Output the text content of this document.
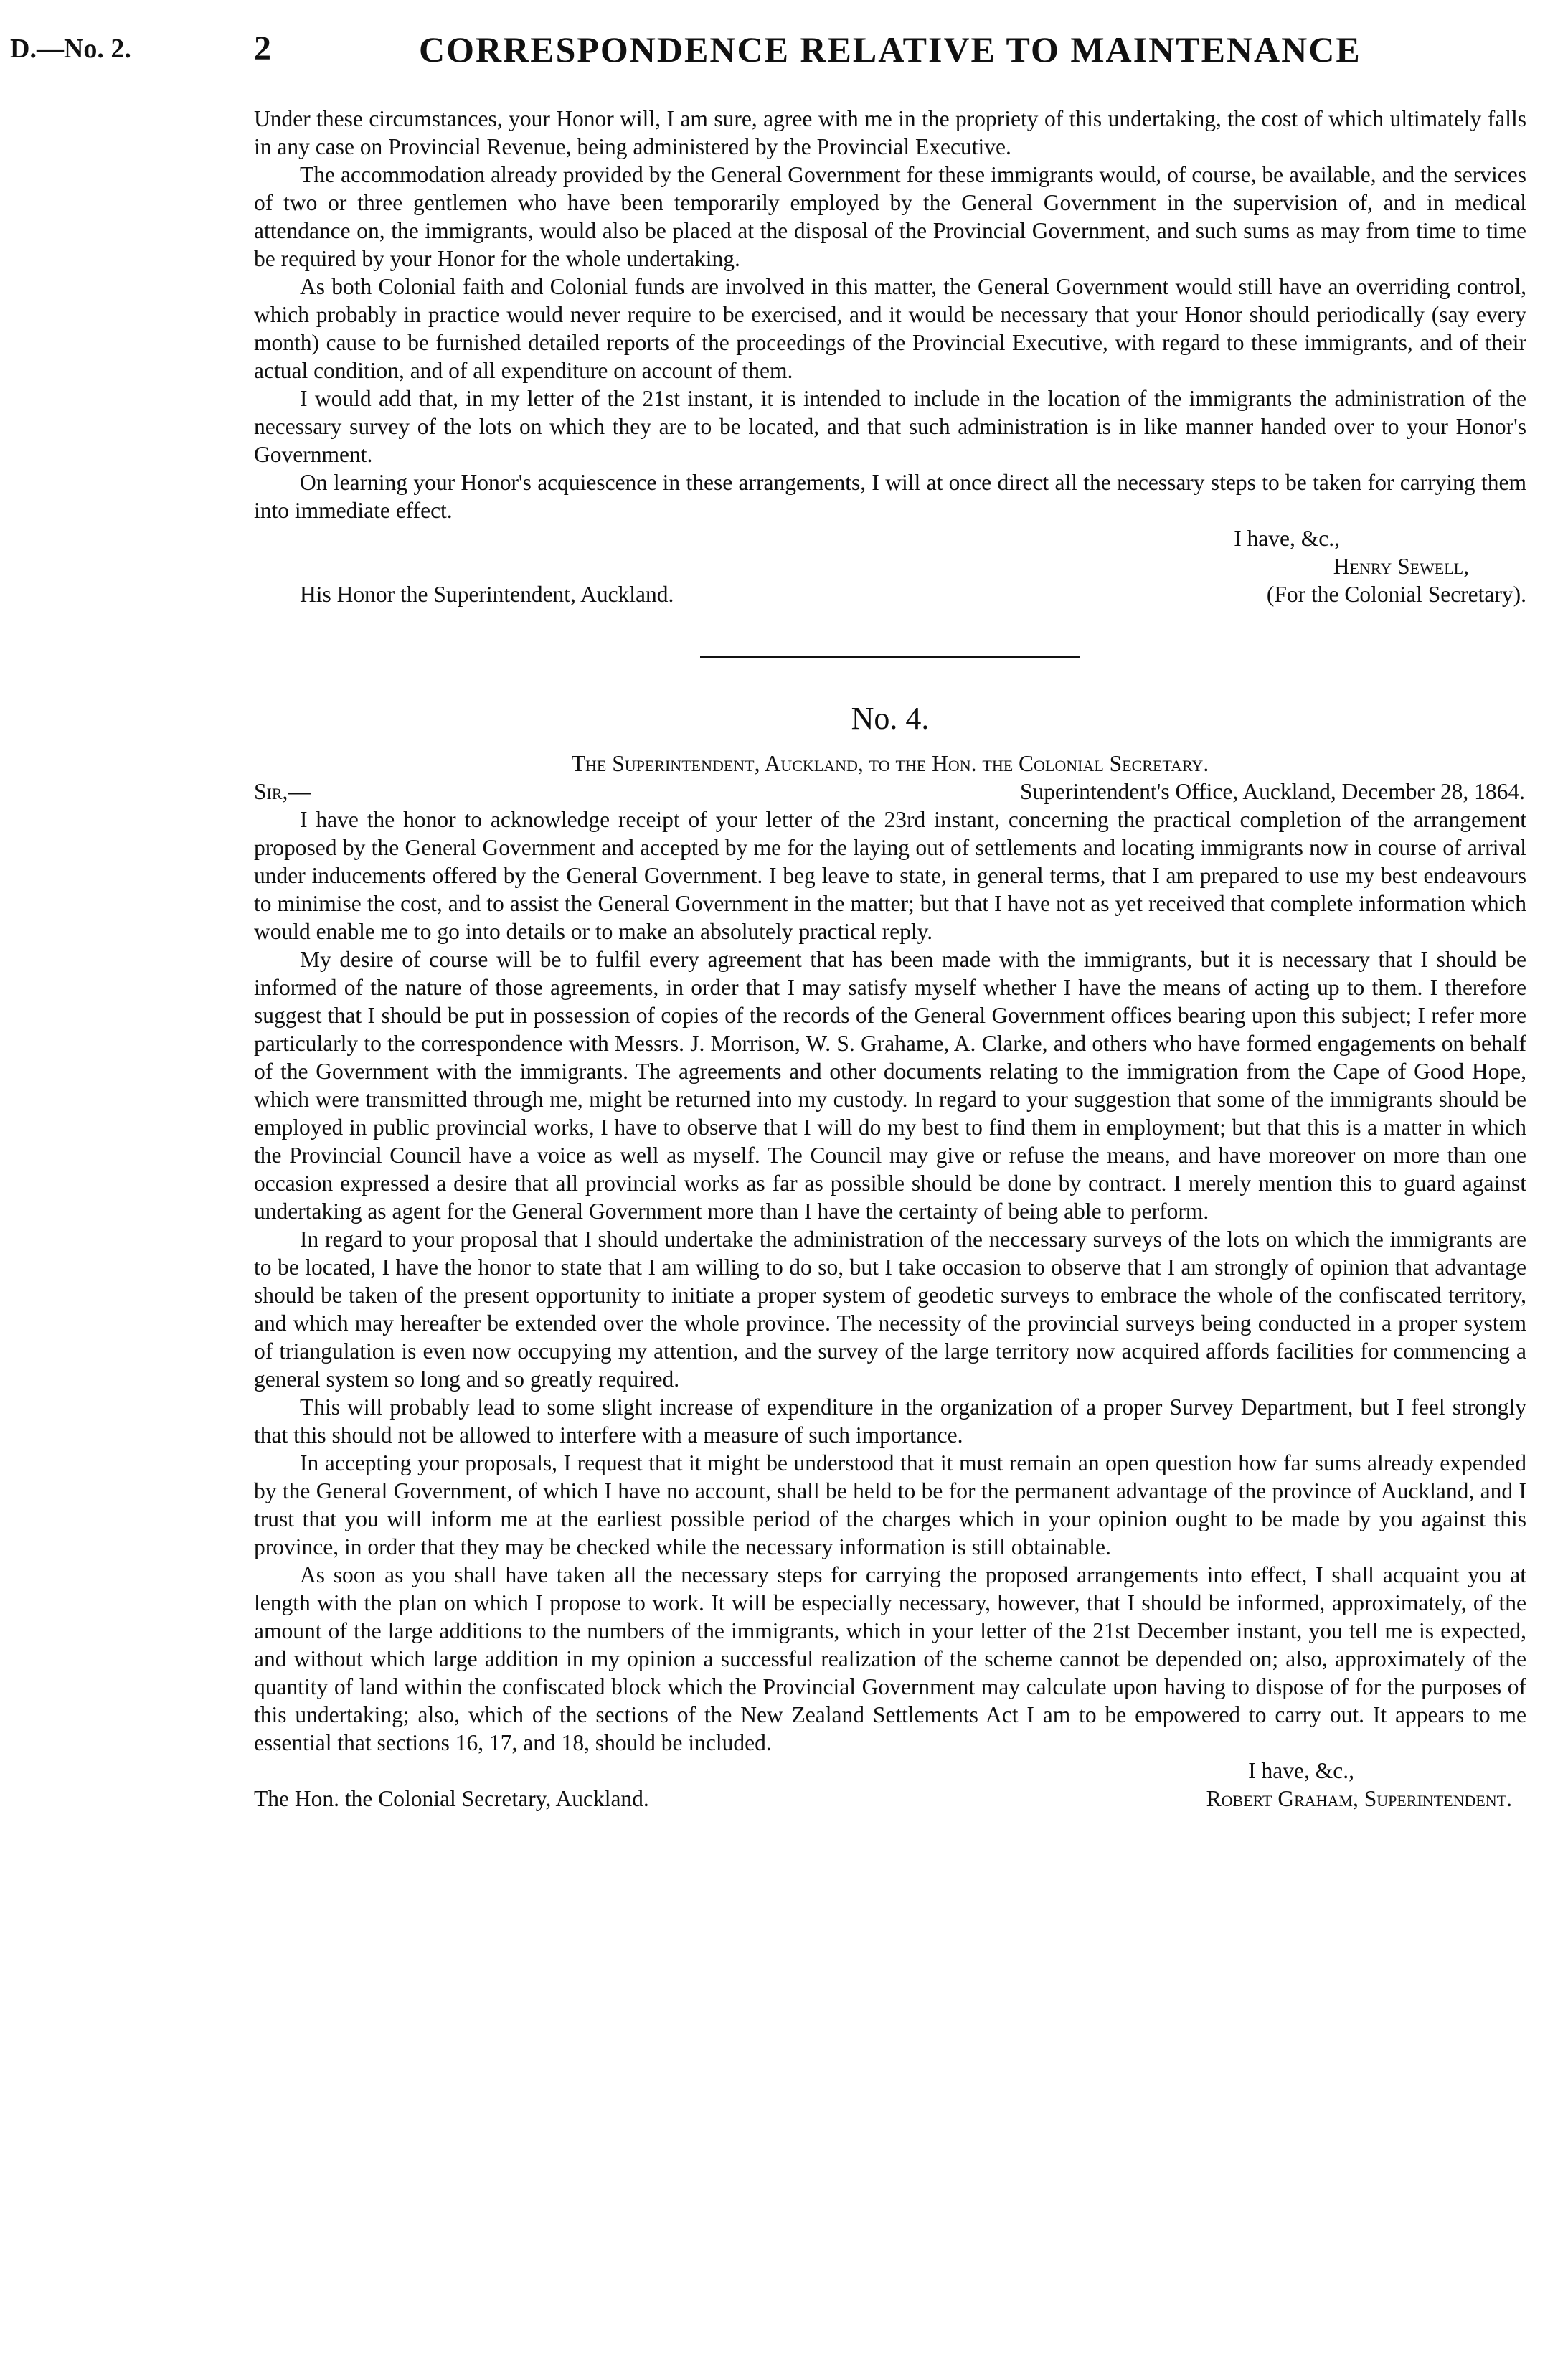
D.—No. 2.	2	CORRESPONDENCE RELATIVE TO MAINTENANCE

Under these circumstances, your Honor will, I am sure, agree with me in the propriety of this undertaking, the cost of which ultimately falls in any case on Provincial Revenue, being administered by the Provincial Executive.

The accommodation already provided by the General Government for these immigrants would, of course, be available, and the services of two or three gentlemen who have been temporarily employed by the General Government in the supervision of, and in medical attendance on, the immigrants, would also be placed at the disposal of the Provincial Government, and such sums as may from time to time be required by your Honor for the whole undertaking.

As both Colonial faith and Colonial funds are involved in this matter, the General Government would still have an overriding control, which probably in practice would never require to be exercised, and it would be necessary that your Honor should periodically (say every month) cause to be furnished detailed reports of the proceedings of the Provincial Executive, with regard to these immigrants, and of their actual condition, and of all expenditure on account of them.

I would add that, in my letter of the 21st instant, it is intended to include in the location of the immigrants the administration of the necessary survey of the lots on which they are to be located, and that such administration is in like manner handed over to your Honor's Government.

On learning your Honor's acquiescence in these arrangements, I will at once direct all the necessary steps to be taken for carrying them into immediate effect.

I have, &c.,
Henry Sewell,
His Honor the Superintendent, Auckland.	(For the Colonial Secretary).
No. 4.
The Superintendent, Auckland, to the Hon. the Colonial Secretary.
Sir,—	Superintendent's Office, Auckland, December 28, 1864.

I have the honor to acknowledge receipt of your letter of the 23rd instant, concerning the practical completion of the arrangement proposed by the General Government and accepted by me for the laying out of settlements and locating immigrants now in course of arrival under inducements offered by the General Government. I beg leave to state, in general terms, that I am prepared to use my best endeavours to minimise the cost, and to assist the General Government in the matter; but that I have not as yet received that complete information which would enable me to go into details or to make an absolutely practical reply.

My desire of course will be to fulfil every agreement that has been made with the immigrants, but it is necessary that I should be informed of the nature of those agreements, in order that I may satisfy myself whether I have the means of acting up to them. I therefore suggest that I should be put in possession of copies of the records of the General Government offices bearing upon this subject; I refer more particularly to the correspondence with Messrs. J. Morrison, W. S. Grahame, A. Clarke, and others who have formed engagements on behalf of the Government with the immigrants. The agreements and other documents relating to the immigration from the Cape of Good Hope, which were transmitted through me, might be returned into my custody. In regard to your suggestion that some of the immigrants should be employed in public provincial works, I have to observe that I will do my best to find them in employment; but that this is a matter in which the Provincial Council have a voice as well as myself. The Council may give or refuse the means, and have moreover on more than one occasion expressed a desire that all provincial works as far as possible should be done by contract. I merely mention this to guard against undertaking as agent for the General Government more than I have the certainty of being able to perform.

In regard to your proposal that I should undertake the administration of the neccessary surveys of the lots on which the immigrants are to be located, I have the honor to state that I am willing to do so, but I take occasion to observe that I am strongly of opinion that advantage should be taken of the present opportunity to initiate a proper system of geodetic surveys to embrace the whole of the confiscated territory, and which may hereafter be extended over the whole province. The necessity of the provincial surveys being conducted in a proper system of triangulation is even now occupying my attention, and the survey of the large territory now acquired affords facilities for commencing a general system so long and so greatly required.

This will probably lead to some slight increase of expenditure in the organization of a proper Survey Department, but I feel strongly that this should not be allowed to interfere with a measure of such importance.

In accepting your proposals, I request that it might be understood that it must remain an open question how far sums already expended by the General Government, of which I have no account, shall be held to be for the permanent advantage of the province of Auckland, and I trust that you will inform me at the earliest possible period of the charges which in your opinion ought to be made by you against this province, in order that they may be checked while the necessary information is still obtainable.

As soon as you shall have taken all the necessary steps for carrying the proposed arrangements into effect, I shall acquaint you at length with the plan on which I propose to work. It will be especially necessary, however, that I should be informed, approximately, of the amount of the large additions to the numbers of the immigrants, which in your letter of the 21st December instant, you tell me is expected, and without which large addition in my opinion a successful realization of the scheme cannot be depended on; also, approximately of the quantity of land within the confiscated block which the Provincial Government may calculate upon having to dispose of for the purposes of this undertaking; also, which of the sections of the New Zealand Settlements Act I am to be empowered to carry out. It appears to me essential that sections 16, 17, and 18, should be included.

I have, &c.,
The Hon. the Colonial Secretary, Auckland.	Robert Graham, Superintendent.
